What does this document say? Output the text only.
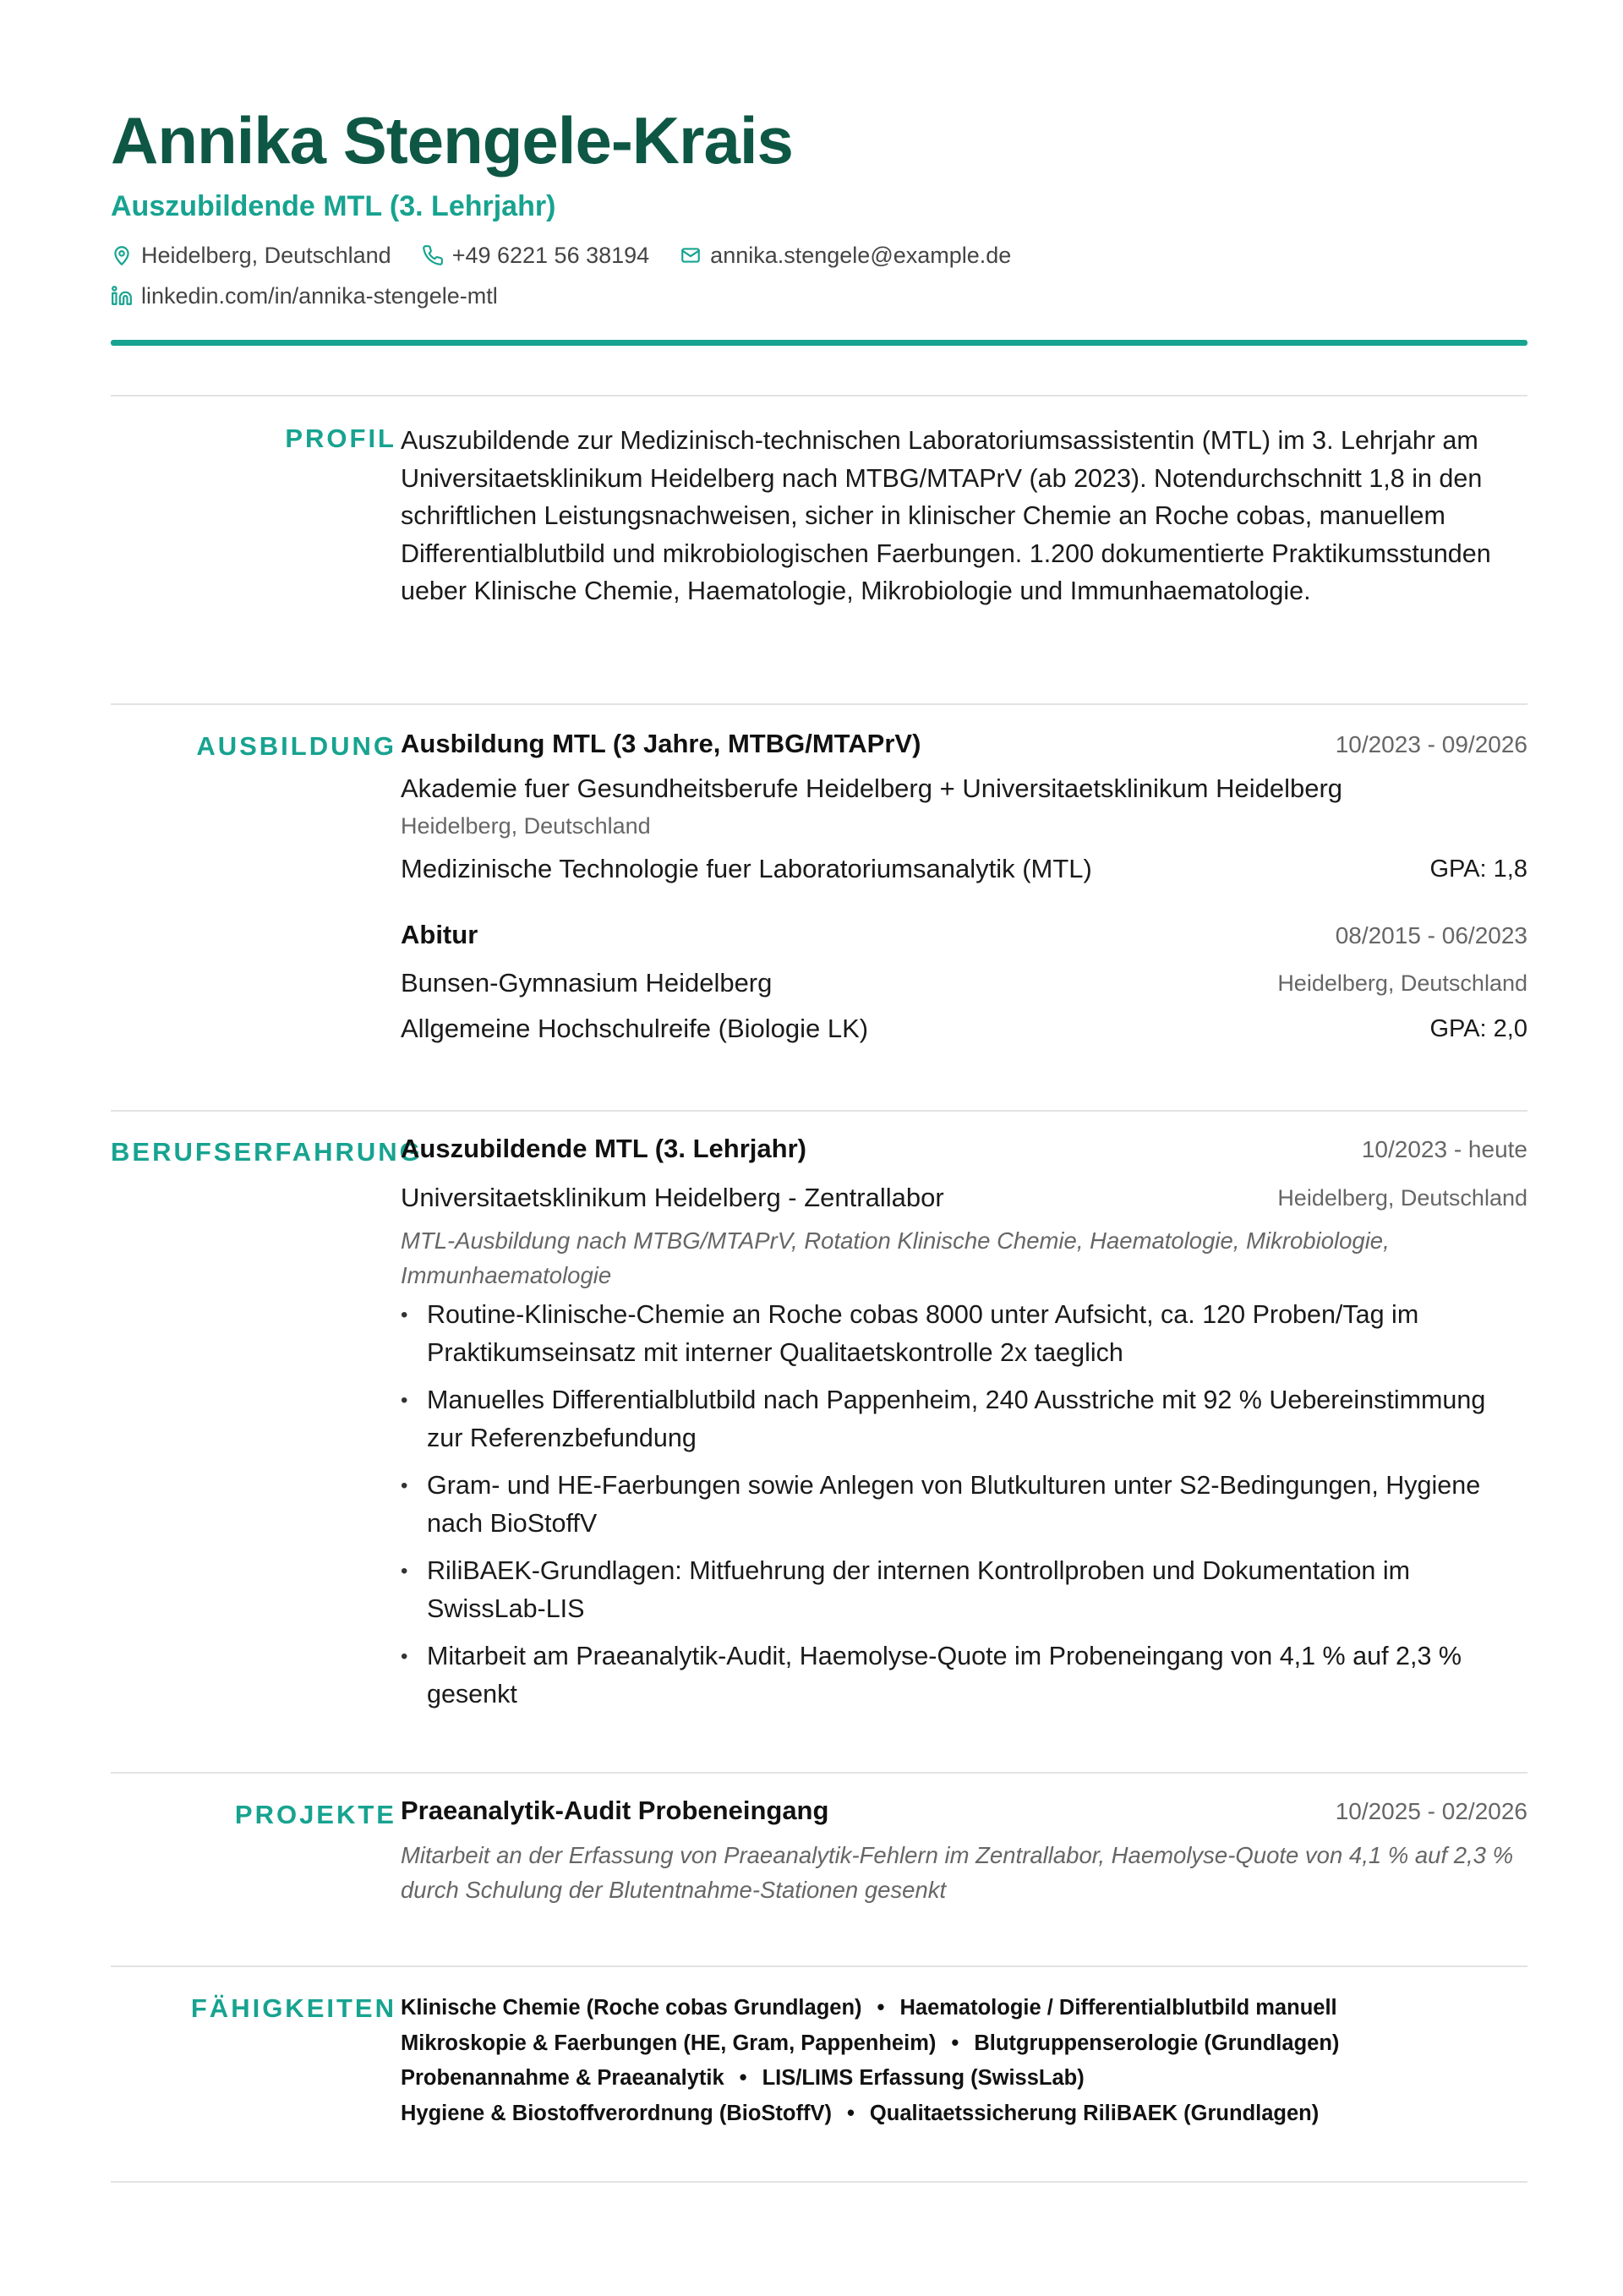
Annika Stengele-Krais
Auszubildende MTL (3. Lehrjahr)
Heidelberg, Deutschland	+49 6221 56 38194	annika.stengele@example.de
linkedin.com/in/annika-stengele-mtl
PROFIL Auszubildende zur Medizinisch-technischen Laboratoriumsassistentin (MTL) im 3. Lehrjahr am Universitaetsklinikum Heidelberg nach MTBG/MTAPrV (ab 2023). Notendurchschnitt 1,8 in den schriftlichen Leistungsnachweisen, sicher in klinischer Chemie an Roche cobas, manuellem Differentialblutbild und mikrobiologischen Faerbungen. 1.200 dokumentierte Praktikumsstunden ueber Klinische Chemie, Haematologie, Mikrobiologie und Immunhaematologie.

AUSBILDUNG Ausbildung MTL (3 Jahre, MTBG/MTAPrV)	10/2023 - 09/2026
Akademie fuer Gesundheitsberufe Heidelberg + Universitaetsklinikum Heidelberg
Heidelberg, Deutschland
Medizinische Technologie fuer Laboratoriumsanalytik (MTL)	GPA: 1,8
Abitur	08/2015 - 06/2023
Bunsen-Gymnasium Heidelberg	Heidelberg, Deutschland
Allgemeine Hochschulreife (Biologie LK)	GPA: 2,0
BERUFSERFAHRUNG
Auszubildende MTL (3. Lehrjahr)	10/2023 - heute
Universitaetsklinikum Heidelberg - Zentrallabor	Heidelberg, Deutschland
MTL-Ausbildung nach MTBG/MTAPrV, Rotation Klinische Chemie, Haematologie, Mikrobiologie, Immunhaematologie
• Routine-Klinische-Chemie an Roche cobas 8000 unter Aufsicht, ca. 120 Proben/Tag im Praktikumseinsatz mit interner Qualitaetskontrolle 2x taeglich
• Manuelles Differentialblutbild nach Pappenheim, 240 Ausstriche mit 92 % Uebereinstimmung zur Referenzbefundung
• Gram- und HE-Faerbungen sowie Anlegen von Blutkulturen unter S2-Bedingungen, Hygiene nach BioStoffV
• RiliBAEK-Grundlagen: Mitfuehrung der internen Kontrollproben und Dokumentation im SwissLab-LIS
• Mitarbeit am Praeanalytik-Audit, Haemolyse-Quote im Probeneingang von 4,1 % auf 2,3 % gesenkt
PROJEKTE Praeanalytik-Audit Probeneingang	10/2025 - 02/2026
Mitarbeit an der Erfassung von Praeanalytik-Fehlern im Zentrallabor, Haemolyse-Quote von 4,1 % auf 2,3 % durch Schulung der Blutentnahme-Stationen gesenkt
FÄHIGKEITEN Klinische Chemie (Roche cobas Grundlagen) • Haematologie / Differentialblutbild manuell
Mikroskopie & Faerbungen (HE, Gram, Pappenheim) • Blutgruppenserologie (Grundlagen)
Probenannahme & Praeanalytik • LIS/LIMS Erfassung (SwissLab)
Hygiene & Biostoffverordnung (BioStoffV) • Qualitaetssicherung RiliBAEK (Grundlagen)
